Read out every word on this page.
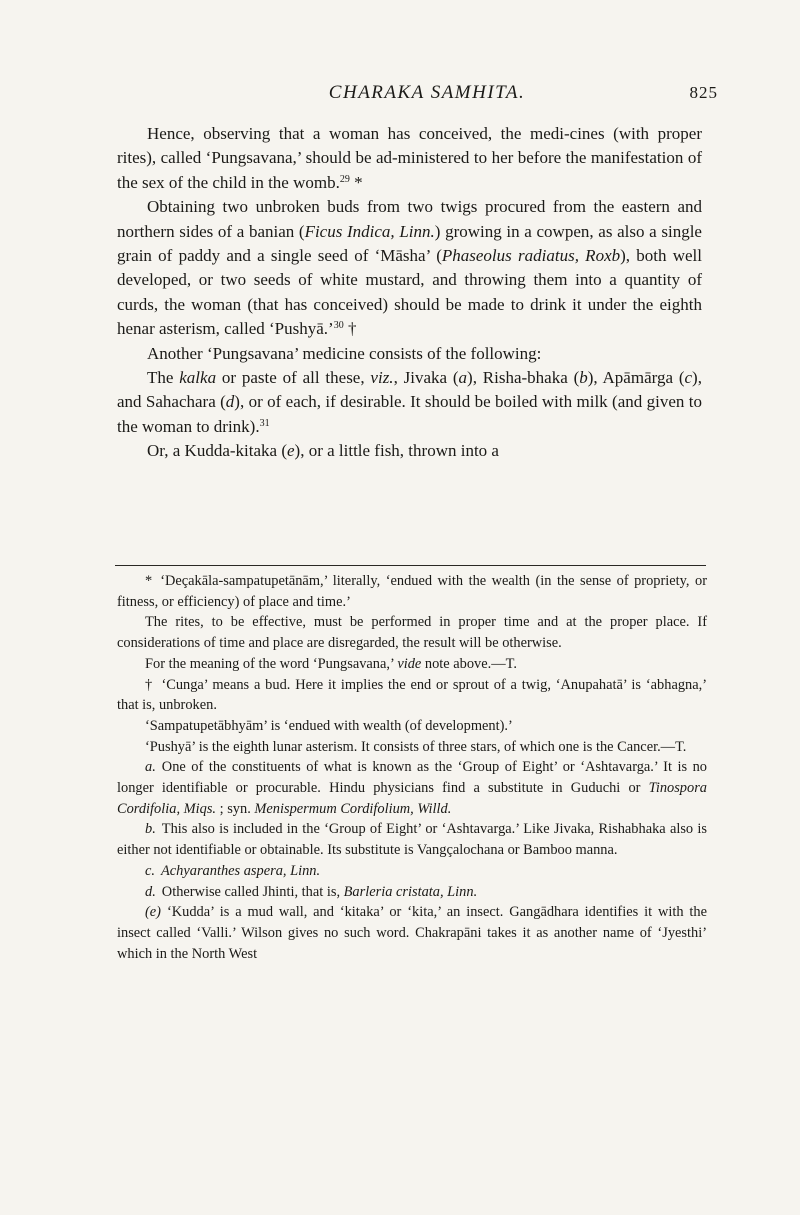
CHARAKA SAMHITA.	825

Hence, observing that a woman has conceived, the medi-cines (with proper rites), called ‘Pungsavana,’ should be ad-ministered to her before the manifestation of the sex of the child in the womb.$^{29}$ *

Obtaining two unbroken buds from two twigs procured from the eastern and northern sides of a banian (Ficus Indica, Linn.) growing in a cowpen, as also a single grain of paddy and a single seed of ‘Māsha’ (Phaseolus radiatus, Roxb), both well developed, or two seeds of white mustard, and throwing them into a quantity of curds, the woman (that has conceived) should be made to drink it under the eighth henar asterism, called ‘Pushyā.’$^{30}$ †

Another ‘Pungsavana’ medicine consists of the following:

The kalka or paste of all these, viz., Jivaka (a), Risha-bhaka (b), Apāmārga (c), and Sahachara (d), or of each, if desirable. It should be boiled with milk (and given to the woman to drink).$^{31}$

Or, a Kudda-kitaka (e), or a little fish, thrown into a

* ‘Deçakāla-sampatupetānām,’ literally, ‘endued with the wealth (in the sense of propriety, or fitness, or efficiency) of place and time.’

The rites, to be effective, must be performed in proper time and at the proper place. If considerations of time and place are disregarded, the result will be otherwise.

For the meaning of the word ‘Pungsavana,’ vide note above.—T.

† ‘Cunga’ means a bud. Here it implies the end or sprout of a twig, ‘Anupahatā’ is ‘abhagna,’ that is, unbroken.

‘Sampatupetābhyām’ is ‘endued with wealth (of development).’

‘Pushyā’ is the eighth lunar asterism. It consists of three stars, of which one is the Cancer.—T.

a. One of the constituents of what is known as the ‘Group of Eight’ or ‘Ashtavarga.’ It is no longer identifiable or procurable. Hindu physicians find a substitute in Guduchi or Tinospora Cordifolia, Miqs. ; syn. Menispermum Cordifolium, Willd.

b. This also is included in the ‘Group of Eight’ or ‘Ashtavarga.’ Like Jivaka, Rishabhaka also is either not identifiable or obtainable. Its substitute is Vangçalochana or Bamboo manna.

c. Achyaranthes aspera, Linn.

d. Otherwise called Jhinti, that is, Barleria cristata, Linn.

(e) ‘Kudda’ is a mud wall, and ‘kitaka’ or ‘kita,’ an insect. Gangādhara identifies it with the insect called ‘Valli.’ Wilson gives no such word. Chakrapāni takes it as another name of ‘Jyesthi’ which in the North West
